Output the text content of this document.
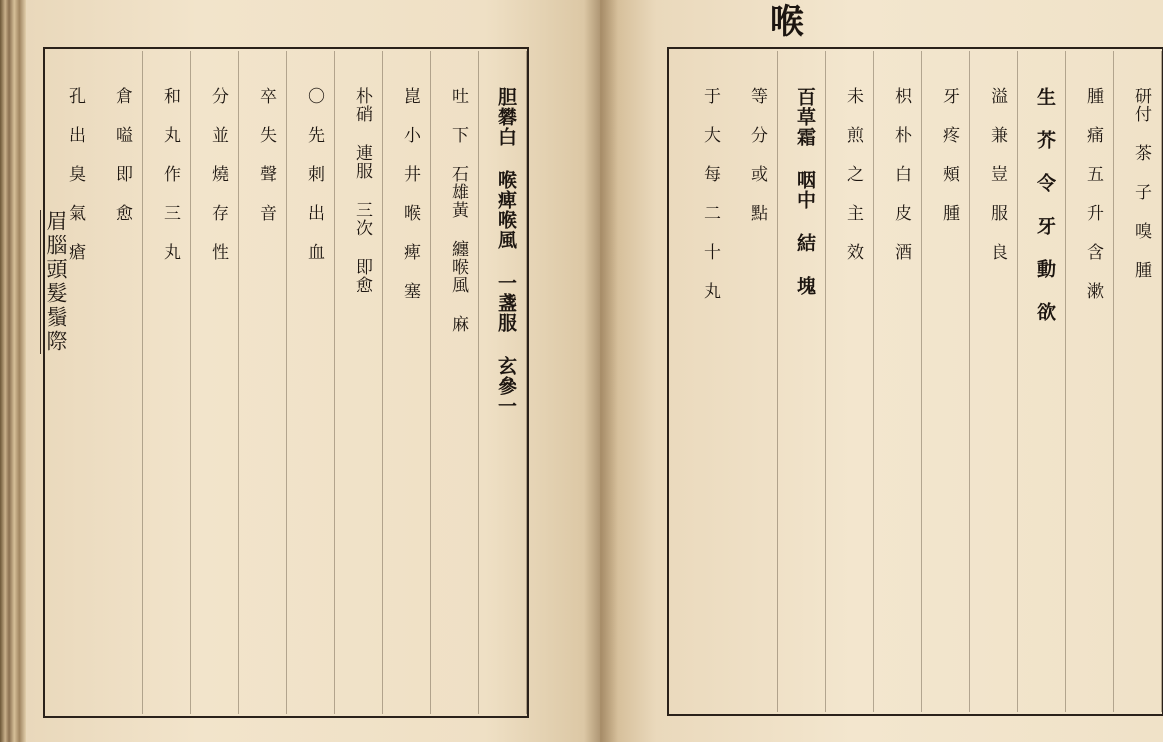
眉腦頭髮鬚際
喉
胆礬白 喉痺喉風 一盞服 玄參一
吐 下 石雄黃 纏喉風 麻
崑 小 井 喉 痺 塞
朴硝 連服 三次 即愈
〇 先 刺 出 血
卒 失 聲 音
分 並 燒 存 性
和 丸 作 三 丸
倉 嗌 即 愈
孔 出 臭 氣 瘡	研付 茶 子 嗅 腫
腫 痛 五 升 含 漱
生 芥 令 牙 動 欲
溢 兼 豈 服 良
牙 疼 頰 腫
枳 朴 白 皮 酒
未 煎 之 主 效
百草霜 咽中 結 塊
等 分 或 點
于 大 每 二 十 丸
